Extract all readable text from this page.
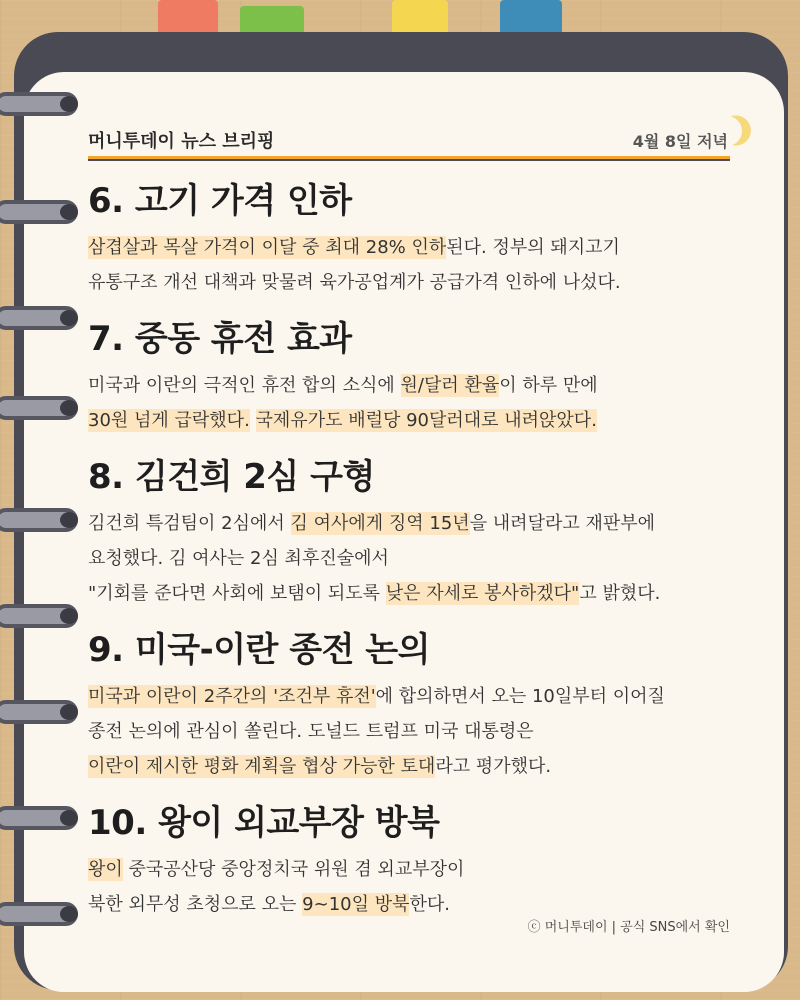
머니투데이 뉴스 브리핑	4월 8일 저녁
6. 고기 가격 인하
삼겹살과 목살 가격이 이달 중 최대 28% 인하된다. 정부의 돼지고기
유통구조 개선 대책과 맞물려 육가공업계가 공급가격 인하에 나섰다.
7. 중동 휴전 효과
미국과 이란의 극적인 휴전 합의 소식에 원/달러 환율이 하루 만에
30원 넘게 급락했다. 국제유가도 배럴당 90달러대로 내려앉았다.
8. 김건희 2심 구형
김건희 특검팀이 2심에서 김 여사에게 징역 15년을 내려달라고 재판부에
요청했다. 김 여사는 2심 최후진술에서
"기회를 준다면 사회에 보탬이 되도록 낮은 자세로 봉사하겠다"고 밝혔다.
9. 미국-이란 종전 논의
미국과 이란이 2주간의 '조건부 휴전'에 합의하면서 오는 10일부터 이어질
종전 논의에 관심이 쏠린다. 도널드 트럼프 미국 대통령은
이란이 제시한 평화 계획을 협상 가능한 토대라고 평가했다.
10. 왕이 외교부장 방북
왕이 중국공산당 중앙정치국 위원 겸 외교부장이
북한 외무성 초청으로 오는 9~10일 방북한다.
ⓒ 머니투데이 | 공식 SNS에서 확인
